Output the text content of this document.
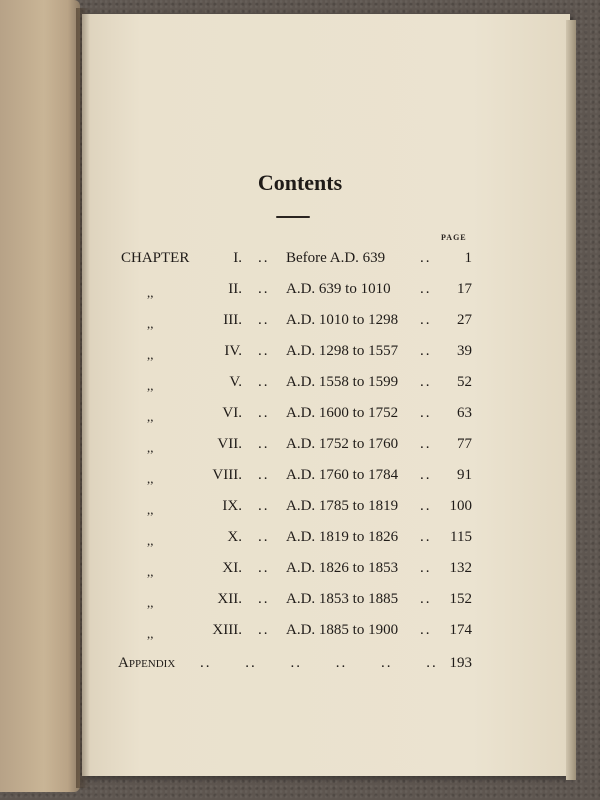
Contents
PAGE
CHAPTER	I. .. Before A.D. 639 ..	1
,,	II. .. A.D. 639 to 1010 ..	17
,,	III. .. A.D. 1010 to 1298 ..	27
,,	IV. .. A.D. 1298 to 1557 ..	39
,,	V. .. A.D. 1558 to 1599 ..	52
,,	VI. .. A.D. 1600 to 1752 ..	63
,,	VII. .. A.D. 1752 to 1760 ..	77
,,	VIII. .. A.D. 1760 to 1784 ..	91
,,	IX. .. A.D. 1785 to 1819 ..	100
,,	X. .. A.D. 1819 to 1826 ..	115
,,	XI. .. A.D. 1826 to 1853 ..	132
,,	XII. .. A.D. 1853 to 1885 ..	152
,,	XIII. .. A.D. 1885 to 1900 ..	174
Appendix .. .. .. .. .. .. 193
